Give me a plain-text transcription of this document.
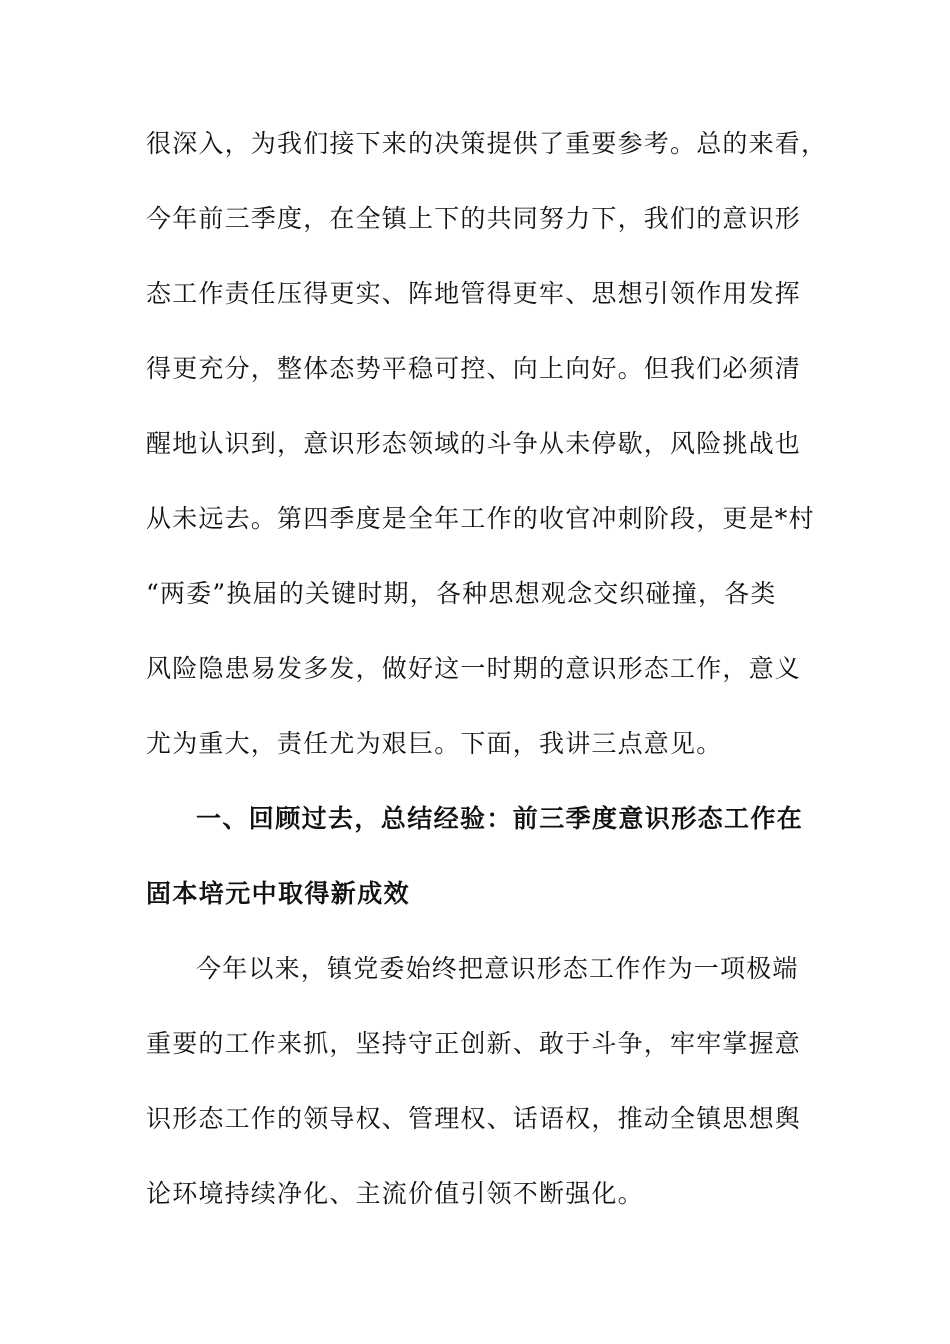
很深入，为我们接下来的决策提供了重要参考。总的来看，
今年前三季度，在全镇上下的共同努力下，我们的意识形
态工作责任压得更实、阵地管得更牢、思想引领作用发挥
得更充分，整体态势平稳可控、向上向好。但我们必须清
醒地认识到，意识形态领域的斗争从未停歇，风险挑战也
从未远去。第四季度是全年工作的收官冲刺阶段，更是*村
“两委”换届的关键时期，各种思想观念交织碰撞，各类
风险隐患易发多发，做好这一时期的意识形态工作，意义
尤为重大，责任尤为艰巨。下面，我讲三点意见。
一、回顾过去，总结经验：前三季度意识形态工作在
固本培元中取得新成效
今年以来，镇党委始终把意识形态工作作为一项极端
重要的工作来抓，坚持守正创新、敢于斗争，牢牢掌握意
识形态工作的领导权、管理权、话语权，推动全镇思想舆
论环境持续净化、主流价值引领不断强化。
